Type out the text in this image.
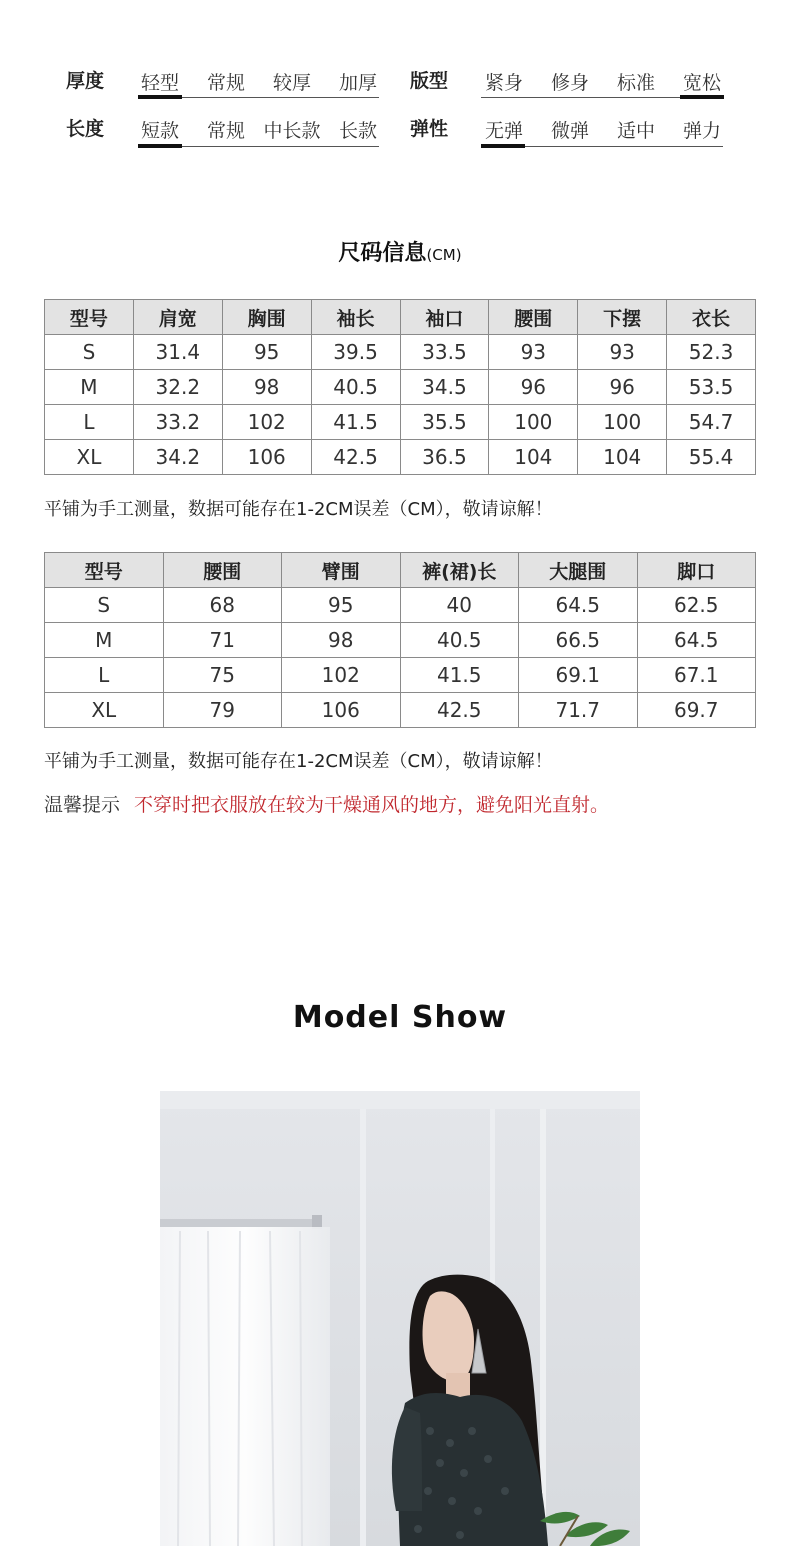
厚度	轻型	常规	较厚	加厚
长度	短款	常规 中长款 长款
版型	紧身	修身	标准	宽松
弹性	无弹	微弹	适中	弹力
尺码信息(CM)
型号	肩宽	胸围	袖长	袖口	腰围	下摆	衣长
S	31.4	95	39.5	33.5	93	93	52.3
M	32.2	98	40.5	34.5	96	96	53.5
L	33.2	102	41.5	35.5	100	100	54.7
XL	34.2	106	42.5	36.5	104	104	55.4
平铺为手工测量，数据可能存在1-2CM误差（CM），敬请谅解！
型号	腰围	臂围	裤(裙)长	大腿围	脚口
S	68	95	40	64.5	62.5
M	71	98	40.5	66.5	64.5
L	75	102	41.5	69.1	67.1
XL	79	106	42.5	71.7	69.7
平铺为手工测量，数据可能存在1-2CM误差（CM），敬请谅解！
温馨提示 不穿时把衣服放在较为干燥通风的地方，避免阳光直射。
Model Show
